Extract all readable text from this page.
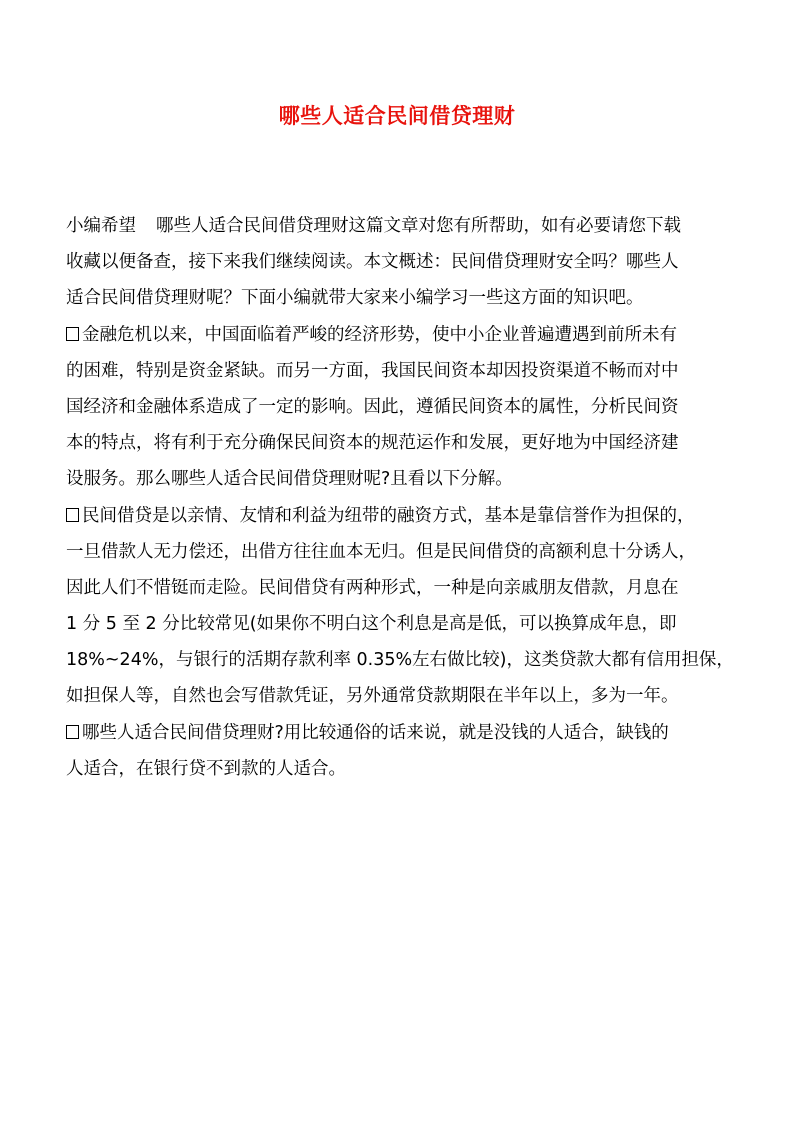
哪些人适合民间借贷理财
小编希望 哪些人适合民间借贷理财这篇文章对您有所帮助，如有必要请您下载
收藏以便备查，接下来我们继续阅读。本文概述：民间借贷理财安全吗？哪些人
适合民间借贷理财呢？下面小编就带大家来小编学习一些这方面的知识吧。
金融危机以来，中国面临着严峻的经济形势，使中小企业普遍遭遇到前所未有
的困难，特别是资金紧缺。而另一方面，我国民间资本却因投资渠道不畅而对中
国经济和金融体系造成了一定的影响。因此，遵循民间资本的属性，分析民间资
本的特点，将有利于充分确保民间资本的规范运作和发展，更好地为中国经济建
设服务。那么哪些人适合民间借贷理财呢?且看以下分解。
民间借贷是以亲情、友情和利益为纽带的融资方式，基本是靠信誉作为担保的，
一旦借款人无力偿还，出借方往往血本无归。但是民间借贷的高额利息十分诱人，
因此人们不惜铤而走险。民间借贷有两种形式，一种是向亲戚朋友借款，月息在
1 分 5 至 2 分比较常见(如果你不明白这个利息是高是低，可以换算成年息，即
18%~24%，与银行的活期存款利率 0.35%左右做比较)，这类贷款大都有信用担保，
如担保人等，自然也会写借款凭证，另外通常贷款期限在半年以上，多为一年。
哪些人适合民间借贷理财?用比较通俗的话来说，就是没钱的人适合，缺钱的
人适合，在银行贷不到款的人适合。
